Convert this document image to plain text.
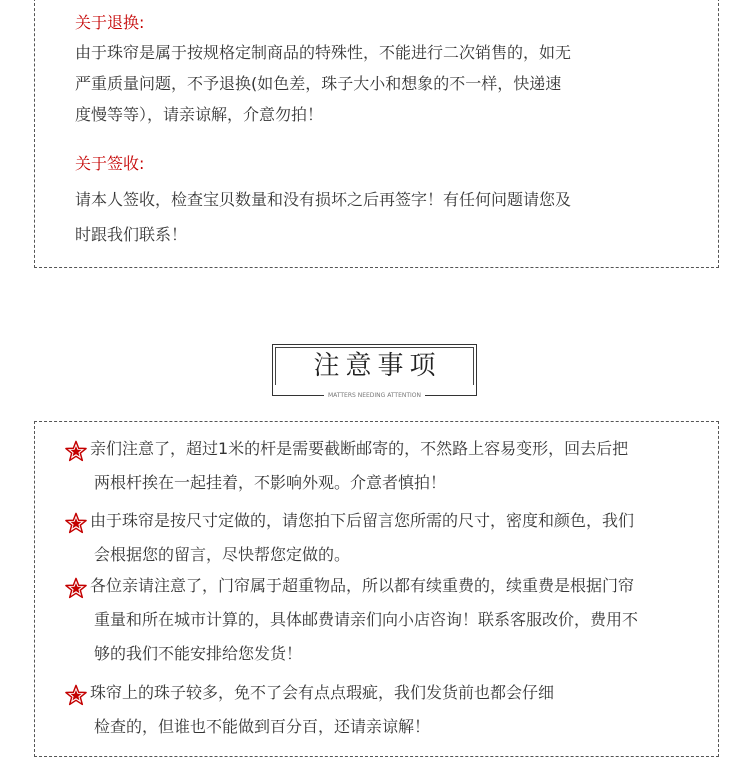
关于退换:
由于珠帘是属于按规格定制商品的特殊性，不能进行二次销售的，如无
严重质量问题，不予退换(如色差，珠子大小和想象的不一样，快递速
度慢等等），请亲谅解，介意勿拍！
关于签收:
请本人签收，检查宝贝数量和没有损坏之后再签字！有任何问题请您及
时跟我们联系！
注意事项
MATTERS NEEDING ATTENTION
亲们注意了，超过1米的杆是需要截断邮寄的，不然路上容易变形，回去后把
两根杆挨在一起挂着，不影响外观。介意者慎拍！
由于珠帘是按尺寸定做的，请您拍下后留言您所需的尺寸，密度和颜色，我们
会根据您的留言，尽快帮您定做的。
各位亲请注意了，门帘属于超重物品，所以都有续重费的，续重费是根据门帘
重量和所在城市计算的，具体邮费请亲们向小店咨询！联系客服改价，费用不
够的我们不能安排给您发货！
珠帘上的珠子较多，免不了会有点点瑕疵，我们发货前也都会仔细
检查的，但谁也不能做到百分百，还请亲谅解！
